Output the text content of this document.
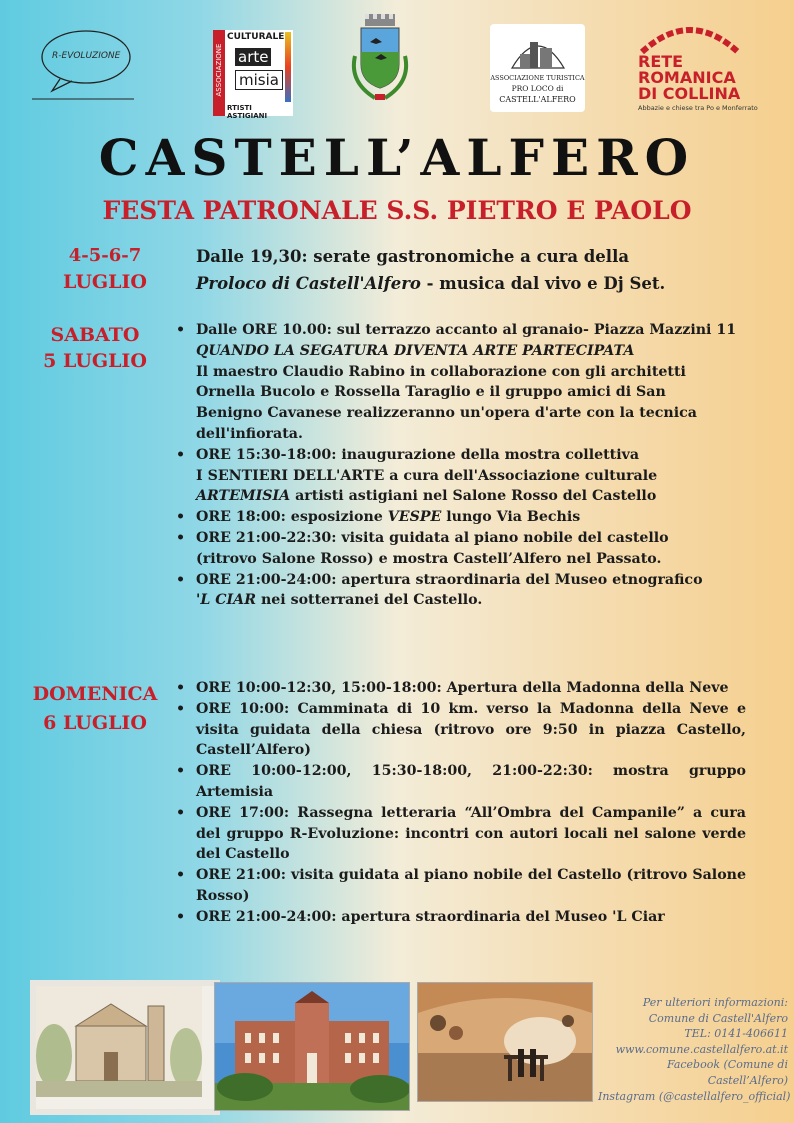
R-EVOLUZIONE	ASSOCIAZIONE
CULTURALE
arte
misia
RTISTI ASTIGIANI
ASSOCIAZIONE TURISTICA
PRO LOCO di
CASTELL'ALFERO
RETE
ROMANICA
DI COLLINA
Abbazie e chiese tra Po e Monferrato
CASTELL’ALFERO
FESTA PATRONALE S.S. PIETRO E PAOLO
4-5-6-7
LUGLIO
Dalle 19,30: serate gastronomiche a cura della
Proloco di Castell'Alfero - musica dal vivo e Dj Set.
SABATO
5 LUGLIO
• Dalle ORE 10.00: sul terrazzo accanto al granaio- Piazza Mazzini 11
QUANDO LA SEGATURA DIVENTA ARTE PARTECIPATA
Il maestro Claudio Rabino in collaborazione con gli architetti
Ornella Bucolo e Rossella Taraglio e il gruppo amici di San
Benigno Cavanese realizzeranno un'opera d'arte con la tecnica
dell'infiorata.
• ORE 15:30-18:00: inaugurazione della mostra collettiva
I SENTIERI DELL'ARTE a cura dell'Associazione culturale
ARTEMISIA artisti astigiani nel Salone Rosso del Castello
• ORE 18:00: esposizione VESPE lungo Via Bechis
• ORE 21:00-22:30: visita guidata al piano nobile del castello
(ritrovo Salone Rosso) e mostra Castell’Alfero nel Passato.
• ORE 21:00-24:00: apertura straordinaria del Museo etnografico
'L CIAR nei sotterranei del Castello.
DOMENICA
6 LUGLIO
• ORE 10:00-12:30, 15:00-18:00: Apertura della Madonna della Neve
• ORE 10:00: Camminata di 10 km. verso la Madonna della Neve e visita guidata della chiesa (ritrovo ore 9:50 in piazza Castello, Castell’Alfero)
• ORE 10:00-12:00, 15:30-18:00, 21:00-22:30: mostra gruppo Artemisia
• ORE 17:00: Rassegna letteraria “All’Ombra del Campanile” a cura del gruppo R-Evoluzione: incontri con autori locali nel salone verde del Castello
• ORE 21:00: visita guidata al piano nobile del Castello (ritrovo Salone Rosso)
• ORE 21:00-24:00: apertura straordinaria del Museo 'L Ciar
Per ulteriori informazioni:
Comune di Castell'Alfero
TEL: 0141-406611
www.comune.castellalfero.at.it
Facebook (Comune di
Castell’Alfero)
Instagram (@castellalfero_official)
